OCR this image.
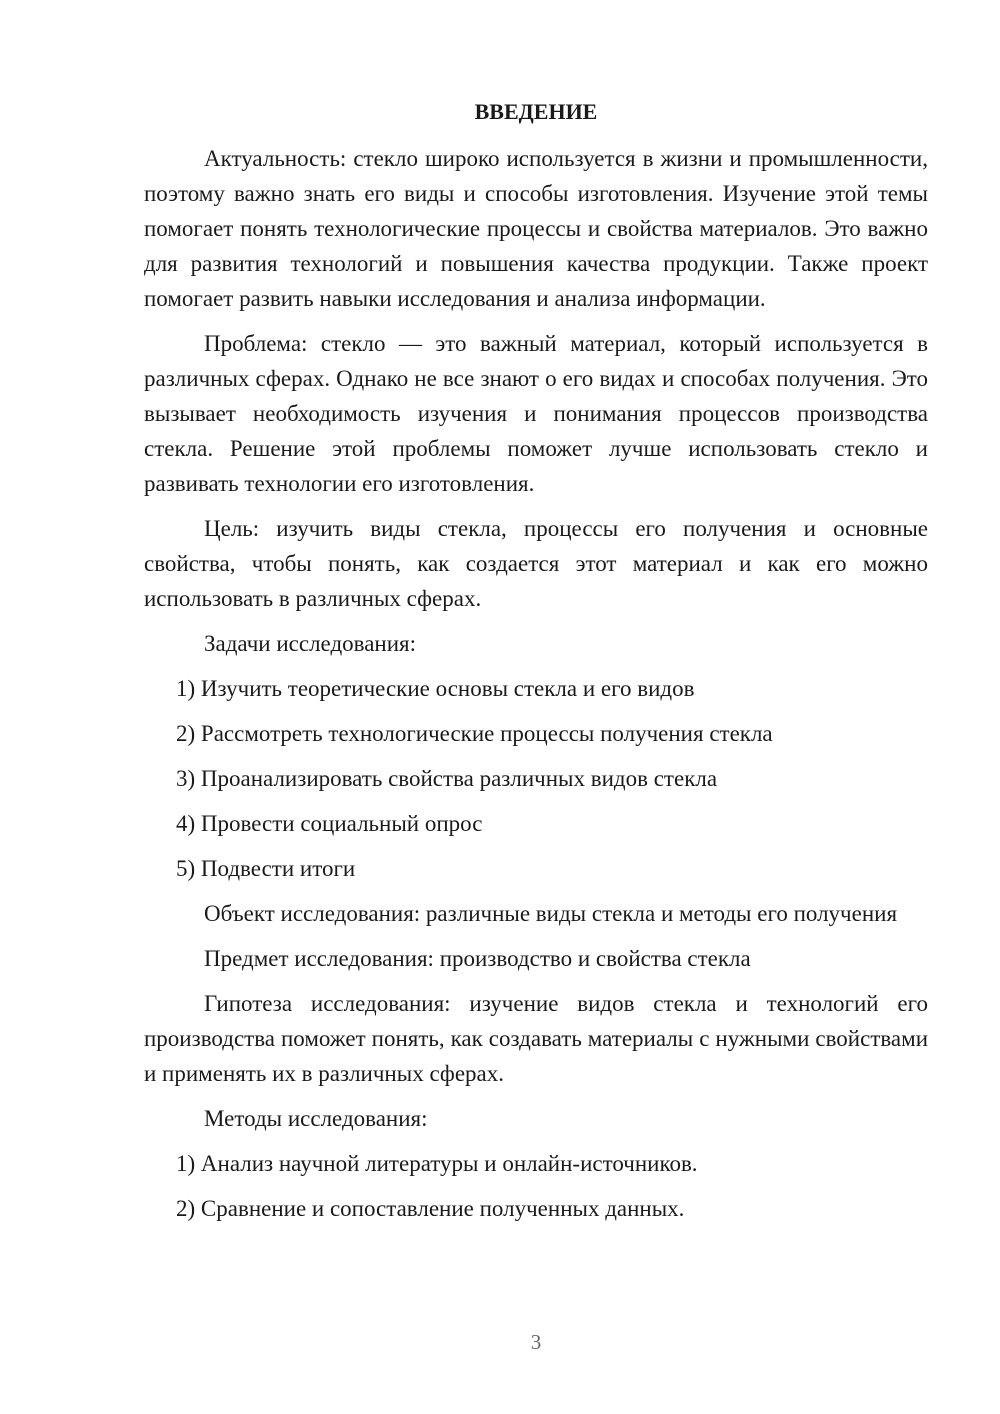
ВВЕДЕНИЕ

Актуальность: стекло широко используется в жизни и промышленности, поэтому важно знать его виды и способы изготовления. Изучение этой темы помогает понять технологические процессы и свойства материалов. Это важно для развития технологий и повышения качества продукции. Также проект помогает развить навыки исследования и анализа информации.

Проблема: стекло — это важный материал, который используется в различных сферах. Однако не все знают о его видах и способах получения. Это вызывает необходимость изучения и понимания процессов производства стекла. Решение этой проблемы поможет лучше использовать стекло и развивать технологии его изготовления.

Цель: изучить виды стекла, процессы его получения и основные свойства, чтобы понять, как создается этот материал и как его можно использовать в различных сферах.

Задачи исследования:

1) Изучить теоретические основы стекла и его видов

2) Рассмотреть технологические процессы получения стекла

3) Проанализировать свойства различных видов стекла

4) Провести социальный опрос

5) Подвести итоги

Объект исследования: различные виды стекла и методы его получения

Предмет исследования: производство и свойства стекла

Гипотеза исследования: изучение видов стекла и технологий его производства поможет понять, как создавать материалы с нужными свойствами и применять их в различных сферах.

Методы исследования:

1) Анализ научной литературы и онлайн-источников.

2) Сравнение и сопоставление полученных данных.

3
